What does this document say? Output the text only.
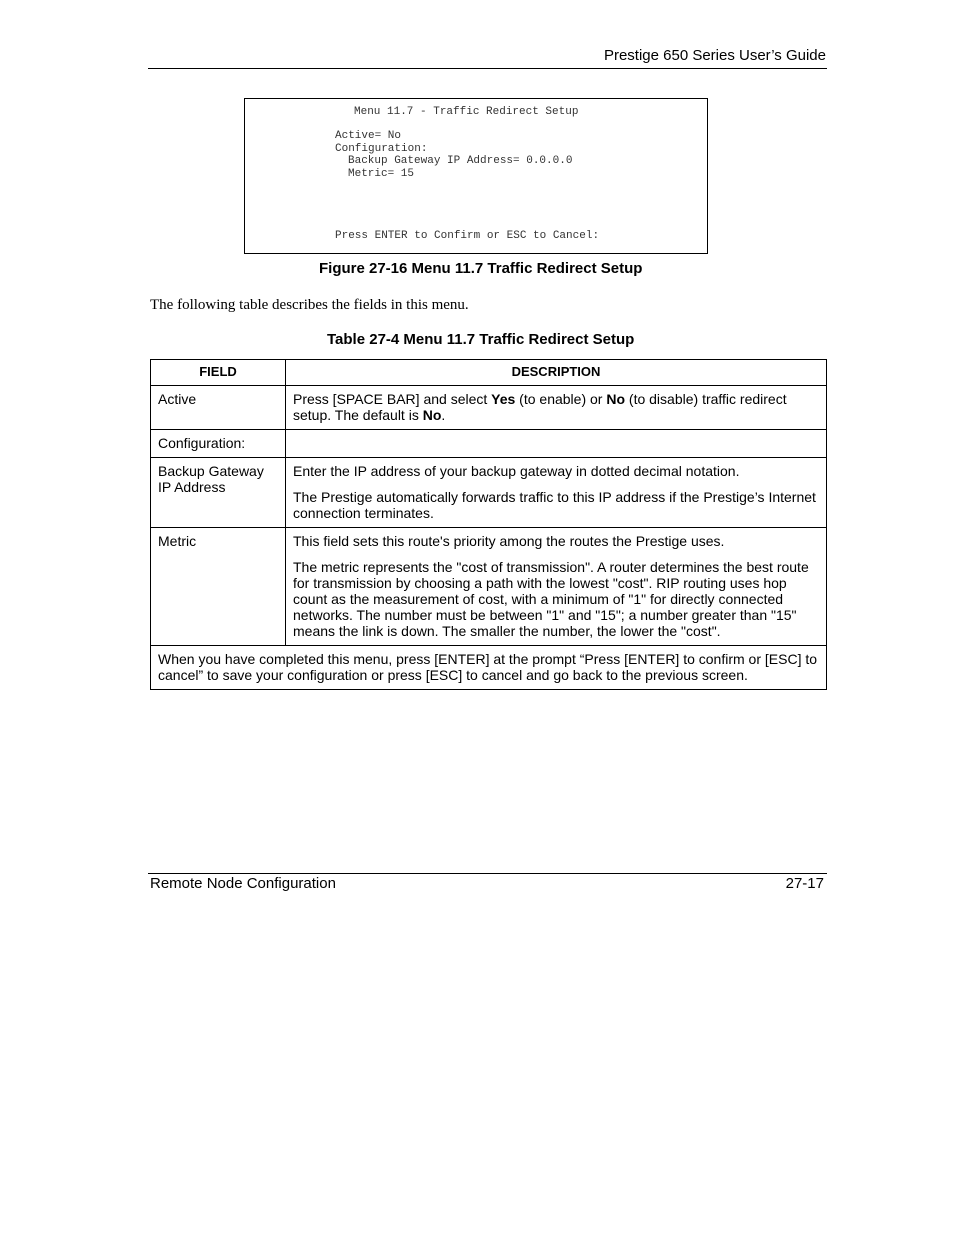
Prestige 650 Series User’s Guide
Menu 11.7 - Traffic Redirect Setup
Active= No
Configuration:
Backup Gateway IP Address= 0.0.0.0
Metric= 15
Press ENTER to Confirm or ESC to Cancel:
Figure 27-16 Menu 11.7 Traffic Redirect Setup
The following table describes the fields in this menu.
Table 27-4 Menu 11.7 Traffic Redirect Setup
FIELD	DESCRIPTION
Active	Press [SPACE BAR] and select Yes (to enable) or No (to disable) traffic redirect setup. The default is No.
Configuration:	
Backup Gateway IP Address	Enter the IP address of your backup gateway in dotted decimal notation.

The Prestige automatically forwards traffic to this IP address if the Prestige’s Internet connection terminates.

Metric	This field sets this route's priority among the routes the Prestige uses.

The metric represents the "cost of transmission". A router determines the best route for transmission by choosing a path with the lowest "cost". RIP routing uses hop count as the measurement of cost, with a minimum of "1" for directly connected networks. The number must be between "1" and "15"; a number greater than "15" means the link is down. The smaller the number, the lower the "cost".

When you have completed this menu, press [ENTER] at the prompt “Press [ENTER] to confirm or [ESC] to cancel” to save your configuration or press [ESC] to cancel and go back to the previous screen.	
Remote Node Configuration	27-17
